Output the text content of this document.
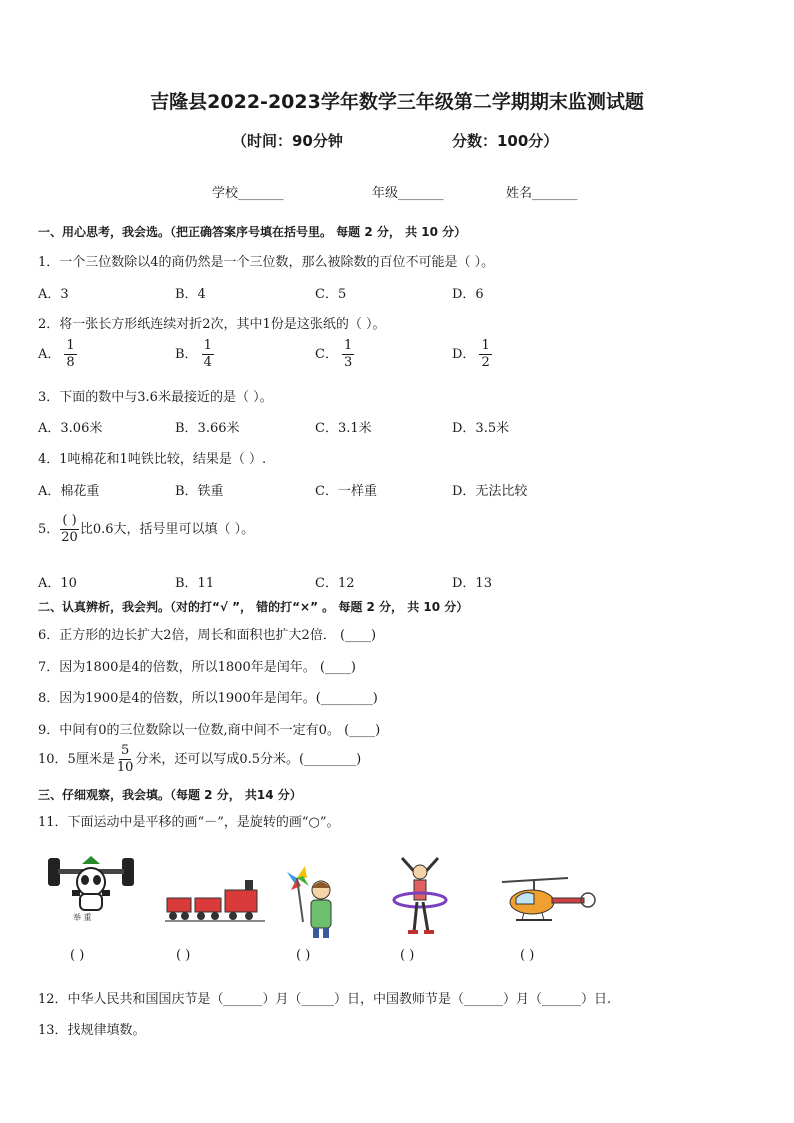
吉隆县2022-2023学年数学三年级第二学期期末监测试题
（时间：90分钟	分数：100分）
学校_______	年级_______	姓名_______
一、用心思考，我会选。（把正确答案序号填在括号里。 每题 2 分， 共 10 分）
1．一个三位数除以4的商仍然是一个三位数，那么被除数的百位不可能是（ ）。
A．3	B．4	C．5	D．6
2．将一张长方形纸连续对折2次，其中1份是这张纸的（ ）。
A． $\frac{1}{8}$	B． $\frac{1}{4}$	C． $\frac{1}{3}$	D． $\frac{1}{2}$
3．下面的数中与3.6米最接近的是（ ）。
A．3.06米	B．3.66米	C．3.1米	D．3.5米
4．1吨棉花和1吨铁比较，结果是（ ）.
A．棉花重	B．铁重	C．一样重	D．无法比较
5． $\frac{( )}{20}$ 比0.6大，括号里可以填（ ）。
A．10	B．11	C．12	D．13
二、认真辨析，我会判。（对的打“√ ”， 错的打“×” 。 每题 2 分， 共 10 分）
6．正方形的边长扩大2倍，周长和面积也扩大2倍． (____)
7．因为1800是4的倍数，所以1800年是闰年。 (____)
8．因为1900是4的倍数，所以1900年是闰年。(________)
9．中间有0的三位数除以一位数,商中间不一定有0。 (____)
10．5厘米是 $\frac{5}{10}$ 分米，还可以写成0.5分米。(________)
三、仔细观察，我会填。（每题 2 分， 共14 分）
11．下面运动中是平移的画“－”，是旋转的画“○”。
举 重
( )	( )	( )	( )	( )
12．中华人民共和国国庆节是（______）月（_____）日，中国教师节是（______）月（______）日.
13．找规律填数。
